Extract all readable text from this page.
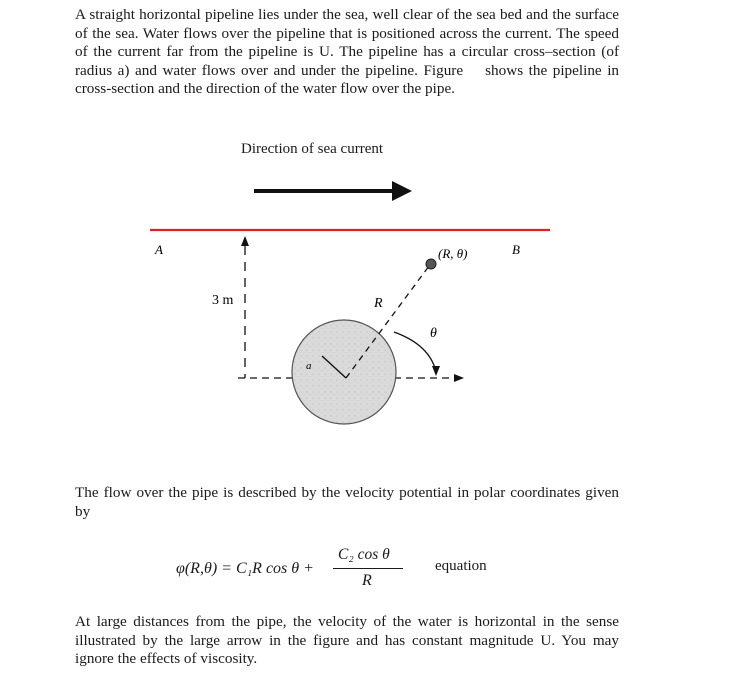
A straight horizontal pipeline lies under the sea, well clear of the sea bed and the surface of the sea. Water flows over the pipeline that is positioned across the current. The speed of the current far from the pipeline is U. The pipeline has a circular cross–section (of radius a) and water flows over and under the pipeline. Figure shows the pipeline in cross-section and the direction of the water flow over the pipe.

Direction of sea current
A	B
(R, θ)
3 m	R
θ
a

The flow over the pipe is described by the velocity potential in polar coordinates given by

φ(R,θ) = C₁R cos θ +
C₂ cos θ
R
equation

At large distances from the pipe, the velocity of the water is horizontal in the sense illustrated by the large arrow in the figure and has constant magnitude U. You may ignore the effects of viscosity.
